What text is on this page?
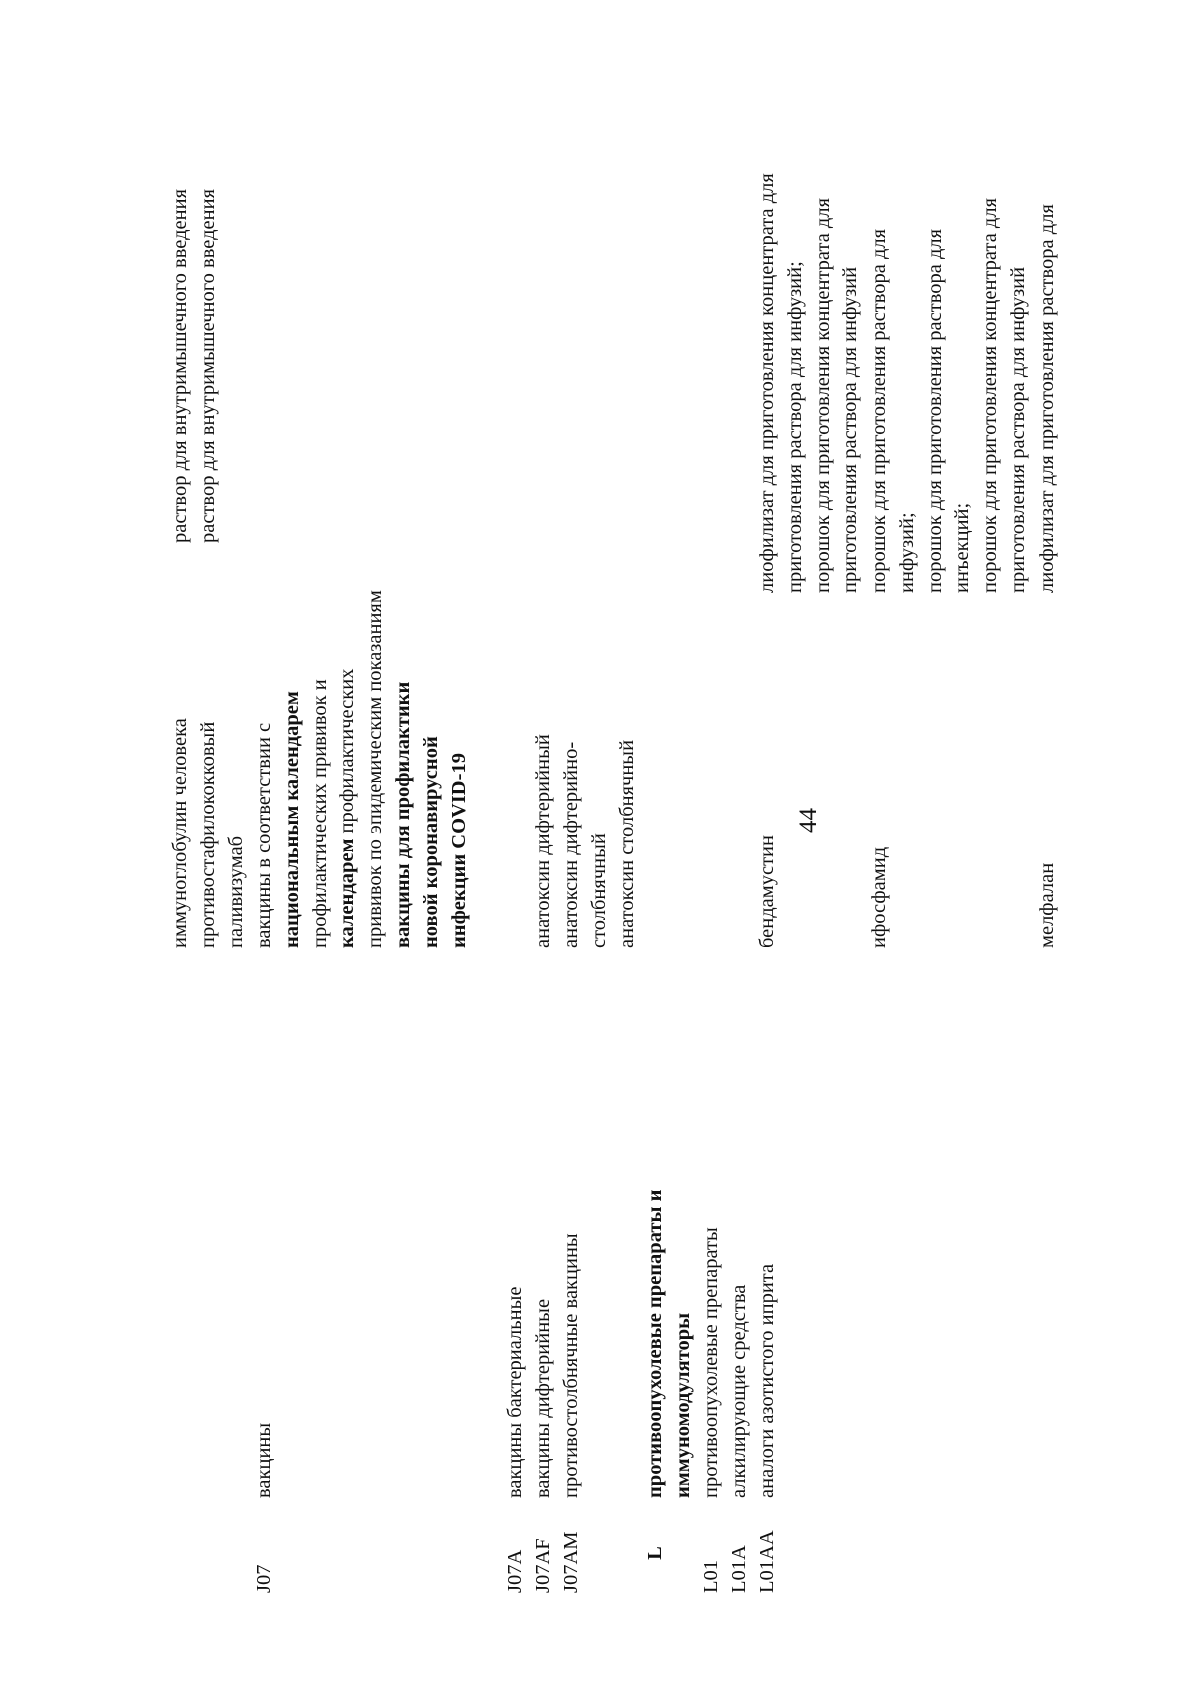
44
иммуноглобулин человека противостафилококковый
раствор для внутримышечного введения
паливизумаб
раствор для внутримышечного введения
J07
вакцины
вакцины в соответствии с национальным календарем профилактических прививок и календарем профилактических прививок по эпидемическим показаниям вакцины для профилактики новой коронавирусной инфекции COVID-19
J07A
вакцины бактериальные
J07AF
вакцины дифтерийные
анатоксин дифтерийный
J07AM
противостолбнячные вакцины
анатоксин дифтерийно- столбнячный анатоксин столбнячный
L
противоопухолевые препараты и иммуномодуляторы
L01
противоопухолевые препараты
L01A
алкилирующие средства
L01AA
аналоги азотистого иприта
бендамустин
лиофилизат для приготовления концентрата для приготовления раствора для инфузий; порошок для приготовления концентрата для приготовления раствора для инфузий
ифосфамид
порошок для приготовления раствора для инфузий; порошок для приготовления раствора для инъекций; порошок для приготовления концентрата для приготовления раствора для инфузий
мелфалан
лиофилизат для приготовления раствора для
